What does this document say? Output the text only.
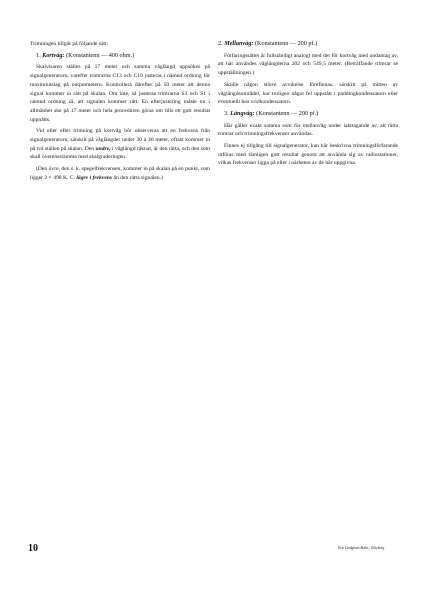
Trimningen tillgår på följande sätt:

1. Kortvåg: (Konstantenn — 400 ohm.)

Skalvisaren ställes på 17 meter och samma våglängd uppsökes på signalgeneratorn, varefter trimrarna C13 och C10 justeras i nämnd ordning för maximiutslag på outputmetern. Kontrollera därefter på 50 meter att denna signal kommer in rätt på skalan. Om inte, så justeras trimrarna S3 och S1 i nämnd ordning så, att signalen kommer rätt. En efterjustering måste nu i allmänhet ske på 17 meter och hela proceduren göras om tills ett gott resultat uppnåtts.

Vid eller efter trimning på kortvåg bör observeras att en frekvens från signalgeneratorn, särskilt på våglängder under 30 à 40 meter, oftast kommer in på två ställen på skalan. Den undre, i våglängd räknat, är den rätta, och den som skall överensstämma med skalgraderingen.

(Den övre, den s. k. spegelfrekvensen, kommer in på skalan på en punkt, som ligger 2 × 498 K. C. lägre i frekvens än den rätta signalen.)

2. Mellanvåg: (Konstantenn — 200 pf.)

Förfaringssättet är fullständigt analogt med det för kortvåg med undantag av, att här användes våglängderna 202 och 549,5 meter. (Beträffande trimrar se uppställningen.)

Skulle någon större avvikelse förefinnas, särskilt på mitten av våglängdsområdet, har troligen något fel uppstått i paddingkondensatorn eller eventuellt hos vridkondensatorn.

3. Långvåg: (Konstantenn — 200 pf.)

Här gäller exakt samma som för mellanvåg under iakttagande av, att rätta trimrar och trimningsfrekvenser användas.

Finnes ej tillgång till signalgenerator, kan här beskrivna trimningsförfarande utföras med tämligen gott resultat genom att använda sig av radiostationer, vilkas frekvenser ligga på eller i närheten av de här uppgivna.

10	Eric Lindgrens Boktr., Göteborg
